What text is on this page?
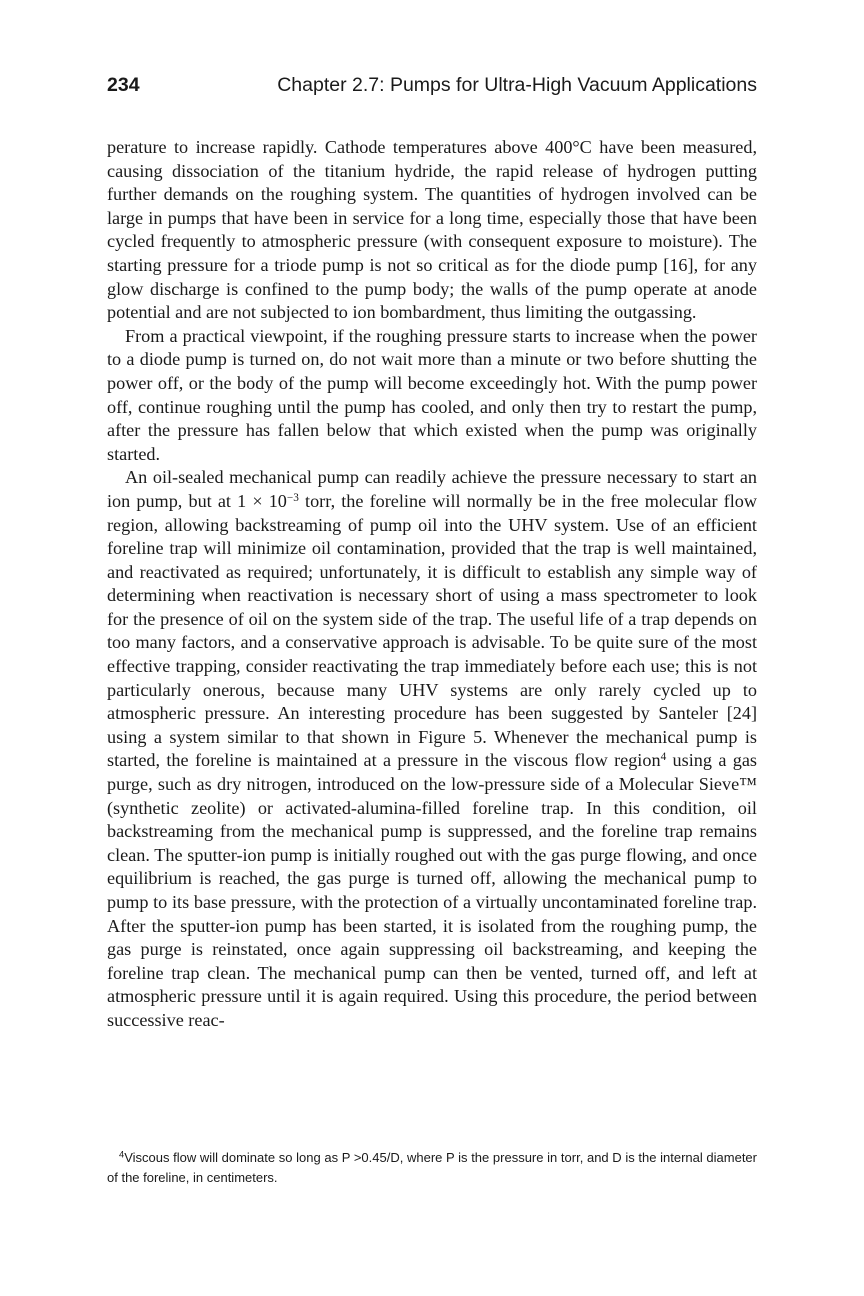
234	Chapter 2.7: Pumps for Ultra-High Vacuum Applications

perature to increase rapidly. Cathode temperatures above 400°C have been measured, causing dissociation of the titanium hydride, the rapid release of hydrogen putting further demands on the roughing system. The quantities of hydrogen involved can be large in pumps that have been in service for a long time, especially those that have been cycled frequently to atmospheric pressure (with consequent exposure to moisture). The starting pressure for a triode pump is not so critical as for the diode pump [16], for any glow discharge is confined to the pump body; the walls of the pump operate at anode potential and are not subjected to ion bombardment, thus limiting the outgassing.

From a practical viewpoint, if the roughing pressure starts to increase when the power to a diode pump is turned on, do not wait more than a minute or two before shutting the power off, or the body of the pump will become exceedingly hot. With the pump power off, continue roughing until the pump has cooled, and only then try to restart the pump, after the pressure has fallen below that which existed when the pump was originally started.

An oil-sealed mechanical pump can readily achieve the pressure necessary to start an ion pump, but at $1 \times 10^{-3}$ torr, the foreline will normally be in the free molecular flow region, allowing backstreaming of pump oil into the UHV system. Use of an efficient foreline trap will minimize oil contamination, provided that the trap is well maintained, and reactivated as required; unfortunately, it is difficult to establish any simple way of determining when reactivation is necessary short of using a mass spectrometer to look for the presence of oil on the system side of the trap. The useful life of a trap depends on too many factors, and a conservative approach is advisable. To be quite sure of the most effective trapping, consider reactivating the trap immediately before each use; this is not particularly onerous, because many UHV systems are only rarely cycled up to atmospheric pressure. An interesting procedure has been suggested by Santeler [24] using a system similar to that shown in Figure 5. Whenever the mechanical pump is started, the foreline is maintained at a pressure in the viscous flow region$^4$ using a gas purge, such as dry nitrogen, introduced on the low-pressure side of a Molecular Sieve™ (synthetic zeolite) or activated-alumina-filled foreline trap. In this condition, oil backstreaming from the mechanical pump is suppressed, and the foreline trap remains clean. The sputter-ion pump is initially roughed out with the gas purge flowing, and once equilibrium is reached, the gas purge is turned off, allowing the mechanical pump to pump to its base pressure, with the protection of a virtually uncontaminated foreline trap. After the sputter-ion pump has been started, it is isolated from the roughing pump, the gas purge is reinstated, once again suppressing oil backstreaming, and keeping the foreline trap clean. The mechanical pump can then be vented, turned off, and left at atmospheric pressure until it is again required. Using this procedure, the period between successive reac-

$^4$Viscous flow will dominate so long as P >0.45/D, where P is the pressure in torr, and D is the internal diameter of the foreline, in centimeters.
